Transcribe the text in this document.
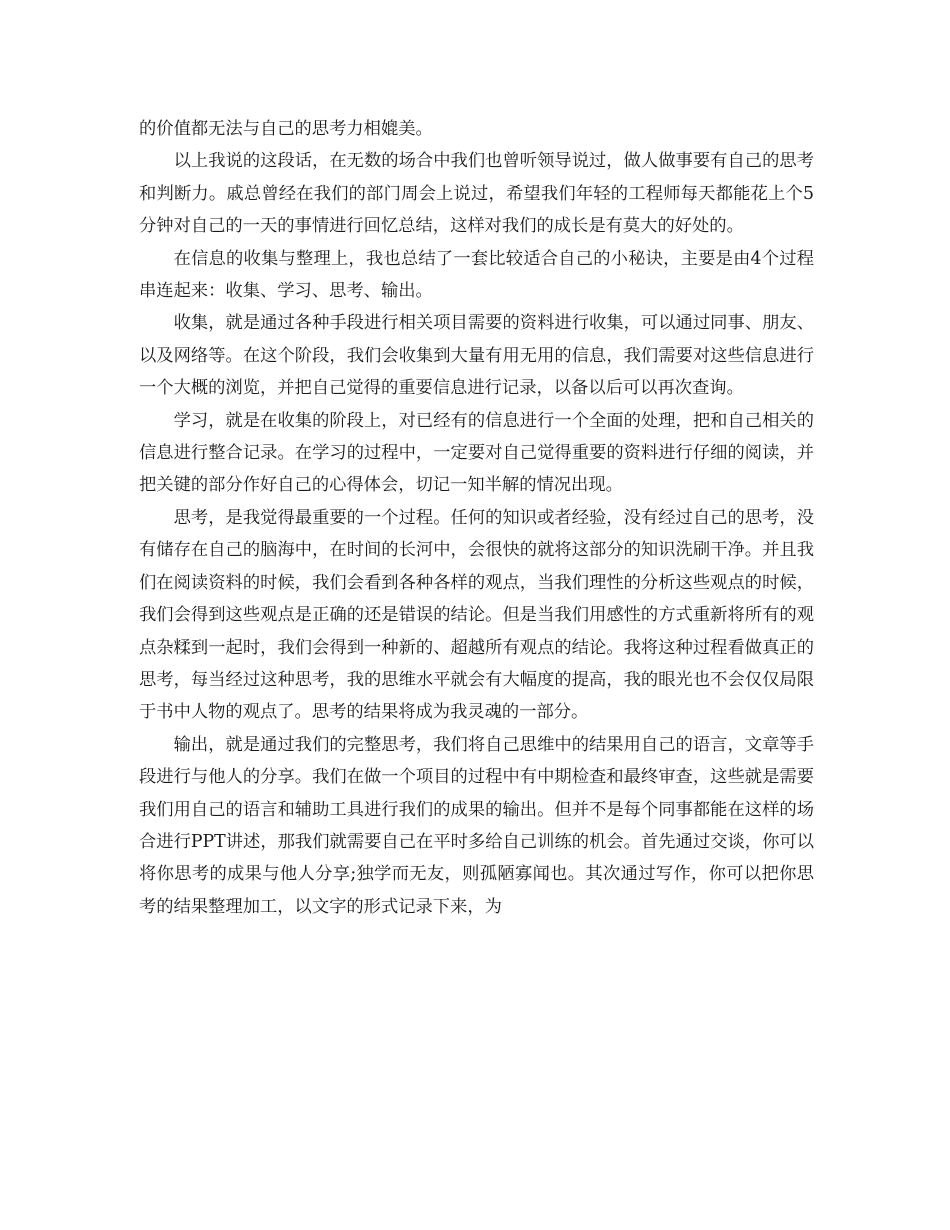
的价值都无法与自己的思考力相媲美。

以上我说的这段话，在无数的场合中我们也曾听领导说过，做人做事要有自己的思考和判断力。戚总曾经在我们的部门周会上说过，希望我们年轻的工程师每天都能花上个5分钟对自己的一天的事情进行回忆总结，这样对我们的成长是有莫大的好处的。

在信息的收集与整理上，我也总结了一套比较适合自己的小秘诀，主要是由4个过程串连起来：收集、学习、思考、输出。

收集，就是通过各种手段进行相关项目需要的资料进行收集，可以通过同事、朋友、以及网络等。在这个阶段，我们会收集到大量有用无用的信息，我们需要对这些信息进行一个大概的浏览，并把自己觉得的重要信息进行记录，以备以后可以再次查询。

学习，就是在收集的阶段上，对已经有的信息进行一个全面的处理，把和自己相关的信息进行整合记录。在学习的过程中，一定要对自己觉得重要的资料进行仔细的阅读，并把关键的部分作好自己的心得体会，切记一知半解的情况出现。

思考，是我觉得最重要的一个过程。任何的知识或者经验，没有经过自己的思考，没有储存在自己的脑海中，在时间的长河中，会很快的就将这部分的知识洗刷干净。并且我们在阅读资料的时候，我们会看到各种各样的观点，当我们理性的分析这些观点的时候，我们会得到这些观点是正确的还是错误的结论。但是当我们用感性的方式重新将所有的观点杂糅到一起时，我们会得到一种新的、超越所有观点的结论。我将这种过程看做真正的思考，每当经过这种思考，我的思维水平就会有大幅度的提高，我的眼光也不会仅仅局限于书中人物的观点了。思考的结果将成为我灵魂的一部分。

输出，就是通过我们的完整思考，我们将自己思维中的结果用自己的语言，文章等手段进行与他人的分享。我们在做一个项目的过程中有中期检查和最终审查，这些就是需要我们用自己的语言和辅助工具进行我们的成果的输出。但并不是每个同事都能在这样的场合进行PPT讲述，那我们就需要自己在平时多给自己训练的机会。首先通过交谈，你可以将你思考的成果与他人分享;独学而无友，则孤陋寡闻也。其次通过写作，你可以把你思考的结果整理加工，以文字的形式记录下来，为
